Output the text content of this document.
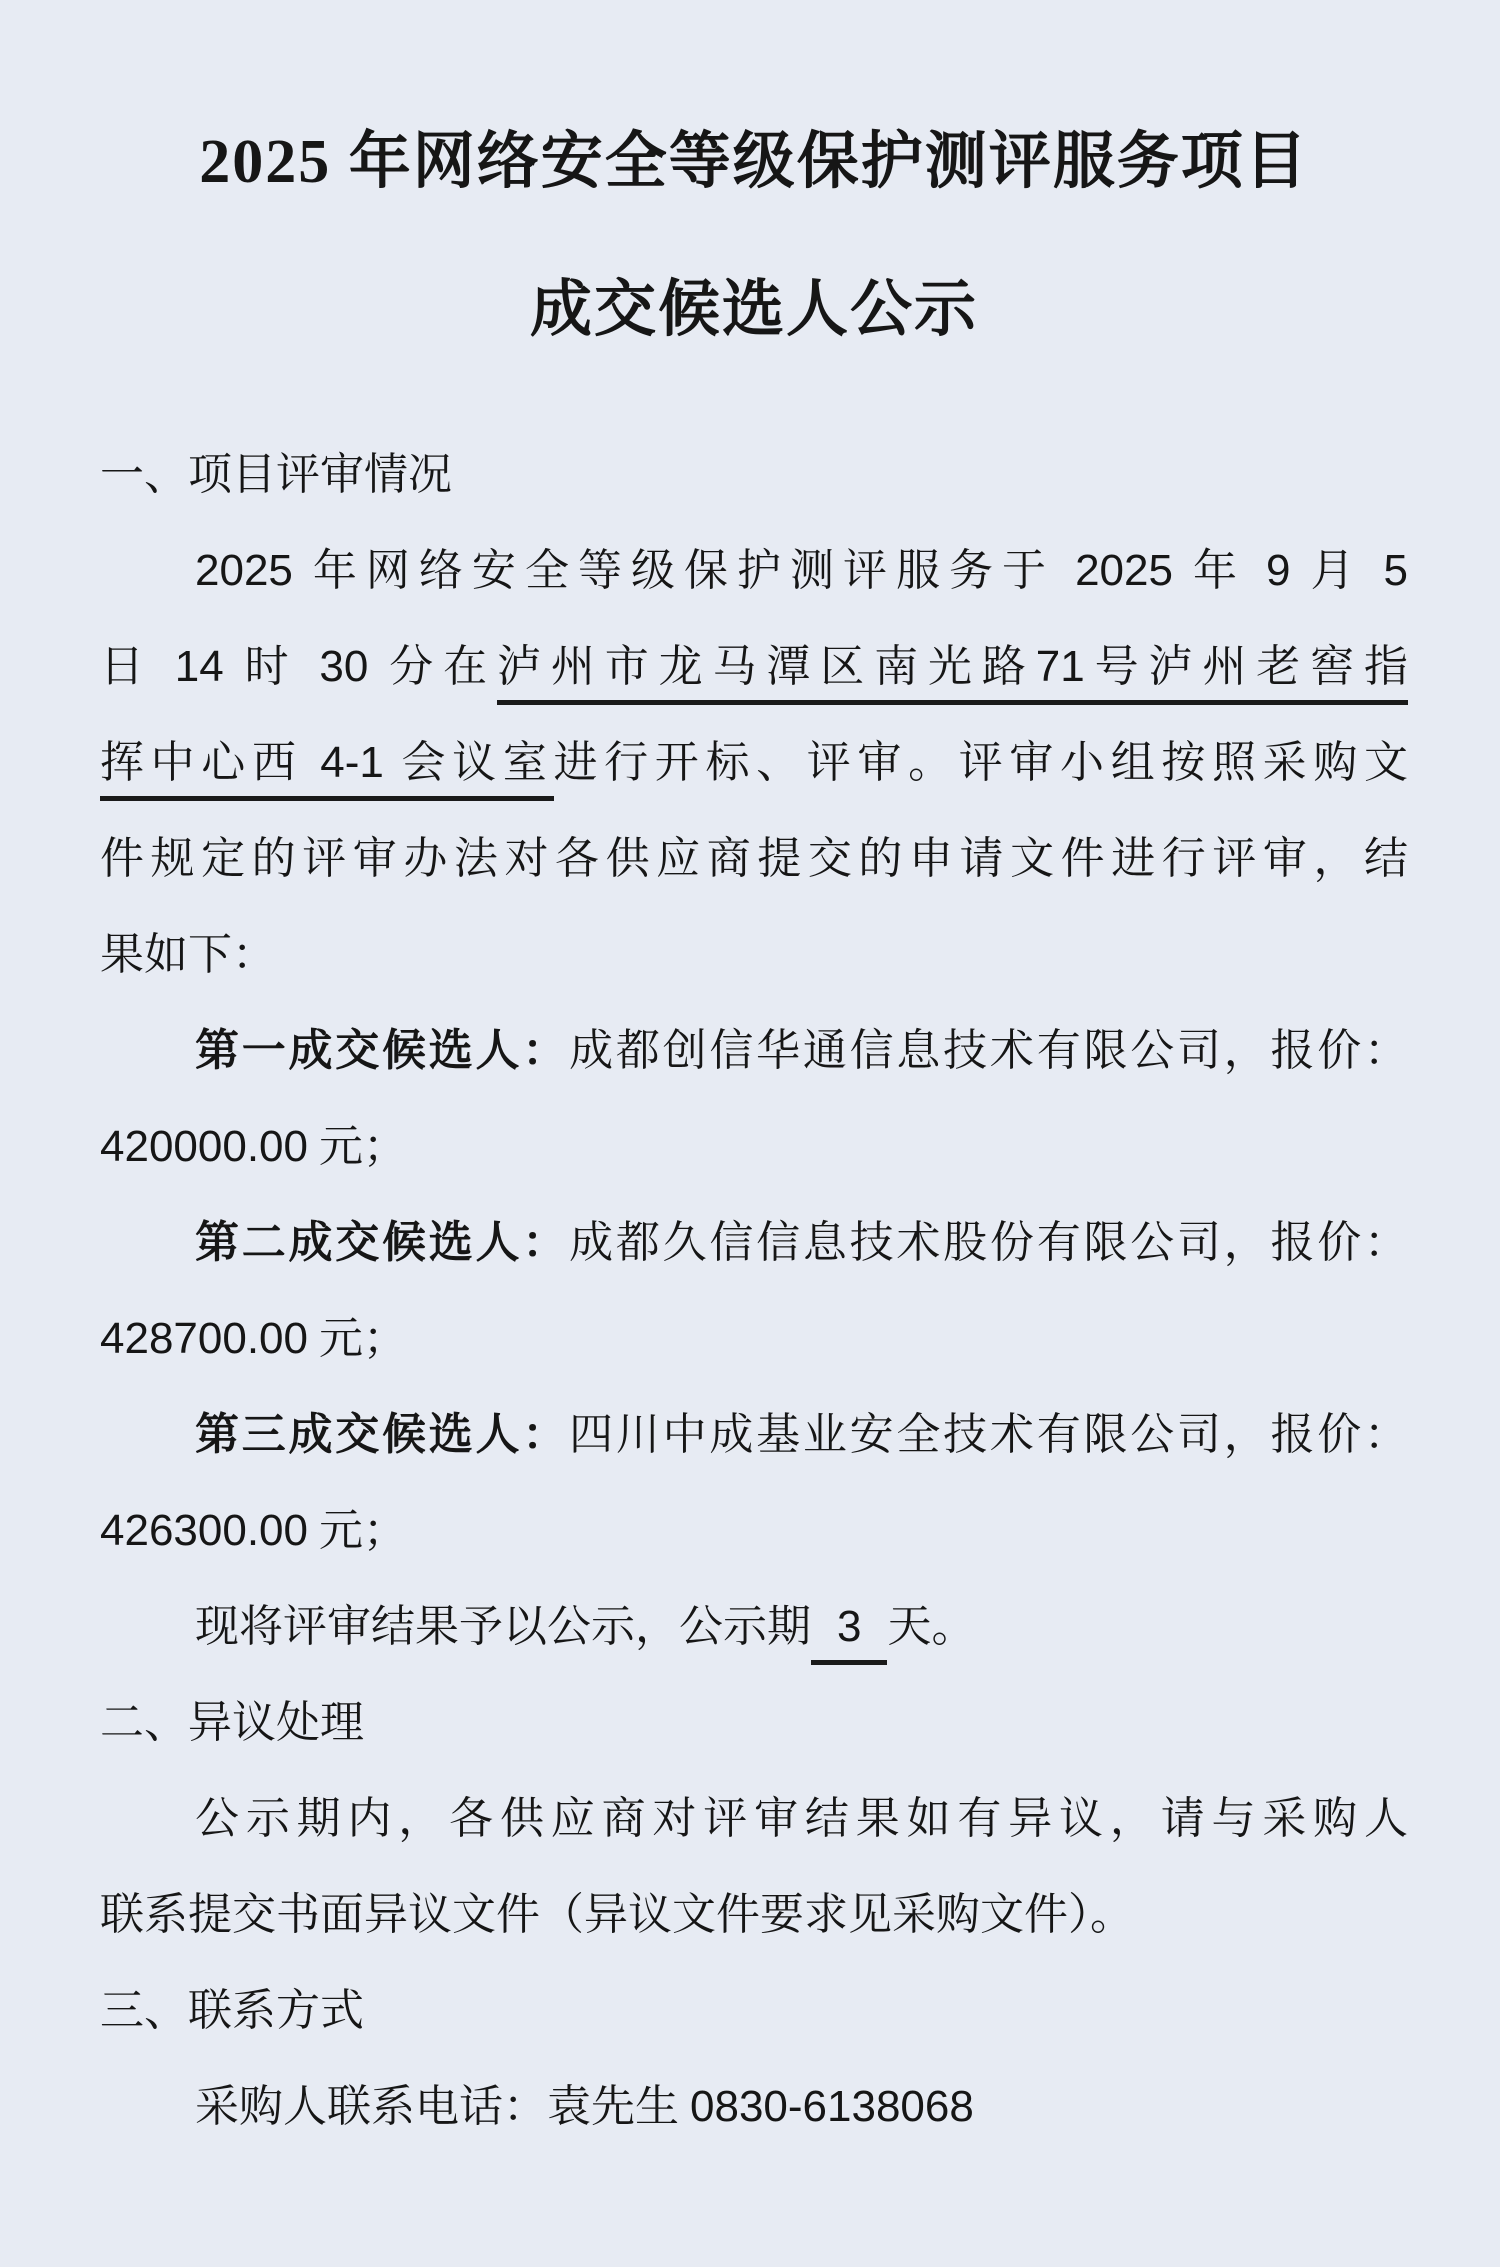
2025 年网络安全等级保护测评服务项目
成交候选人公示
一、项目评审情况
2025 年网络安全等级保护测评服务于 2025 年 9 月 5
日 14 时 30 分在泸州市龙马潭区南光路71号泸州老窖指
挥中心西 4-1 会议室进行开标、评审。评审小组按照采购文
件规定的评审办法对各供应商提交的申请文件进行评审，结
果如下：
第一成交候选人：成都创信华通信息技术有限公司，报价：
420000.00 元；
第二成交候选人：成都久信信息技术股份有限公司，报价：
428700.00 元；
第三成交候选人：四川中成基业安全技术有限公司，报价：
426300.00 元；
现将评审结果予以公示，公示期 3 天。
二、异议处理
公示期内，各供应商对评审结果如有异议，请与采购人
联系提交书面异议文件（异议文件要求见采购文件）。
三、联系方式
采购人联系电话：袁先生 0830-6138068
